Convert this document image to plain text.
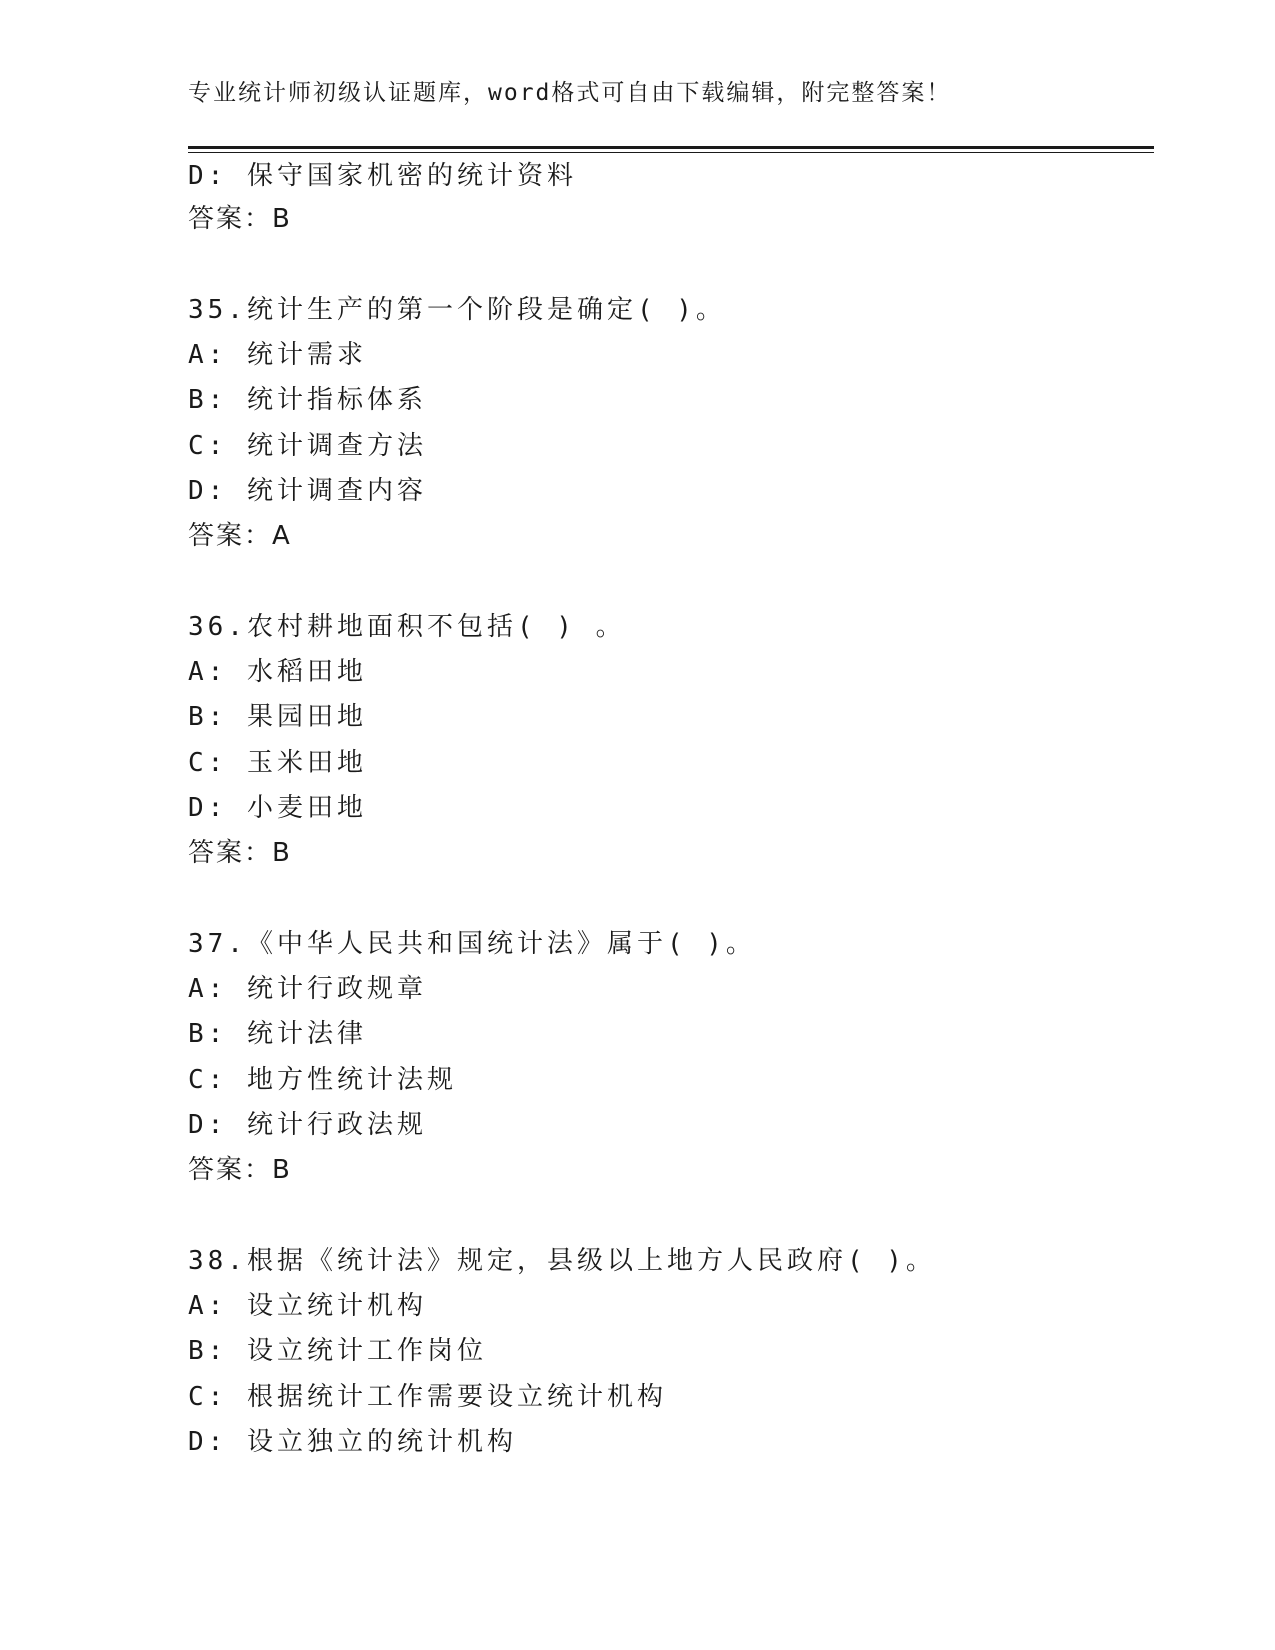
专业统计师初级认证题库，word格式可自由下载编辑，附完整答案！
D: 保守国家机密的统计资料
答案：B
35.统计生产的第一个阶段是确定( )。
A: 统计需求
B: 统计指标体系
C: 统计调查方法
D: 统计调查内容
答案：A
36.农村耕地面积不包括( ) 。
A: 水稻田地
B: 果园田地
C: 玉米田地
D: 小麦田地
答案：B
37.《中华人民共和国统计法》属于( )。
A: 统计行政规章
B: 统计法律
C: 地方性统计法规
D: 统计行政法规
答案：B
38.根据《统计法》规定，县级以上地方人民政府( )。
A: 设立统计机构
B: 设立统计工作岗位
C: 根据统计工作需要设立统计机构
D: 设立独立的统计机构
